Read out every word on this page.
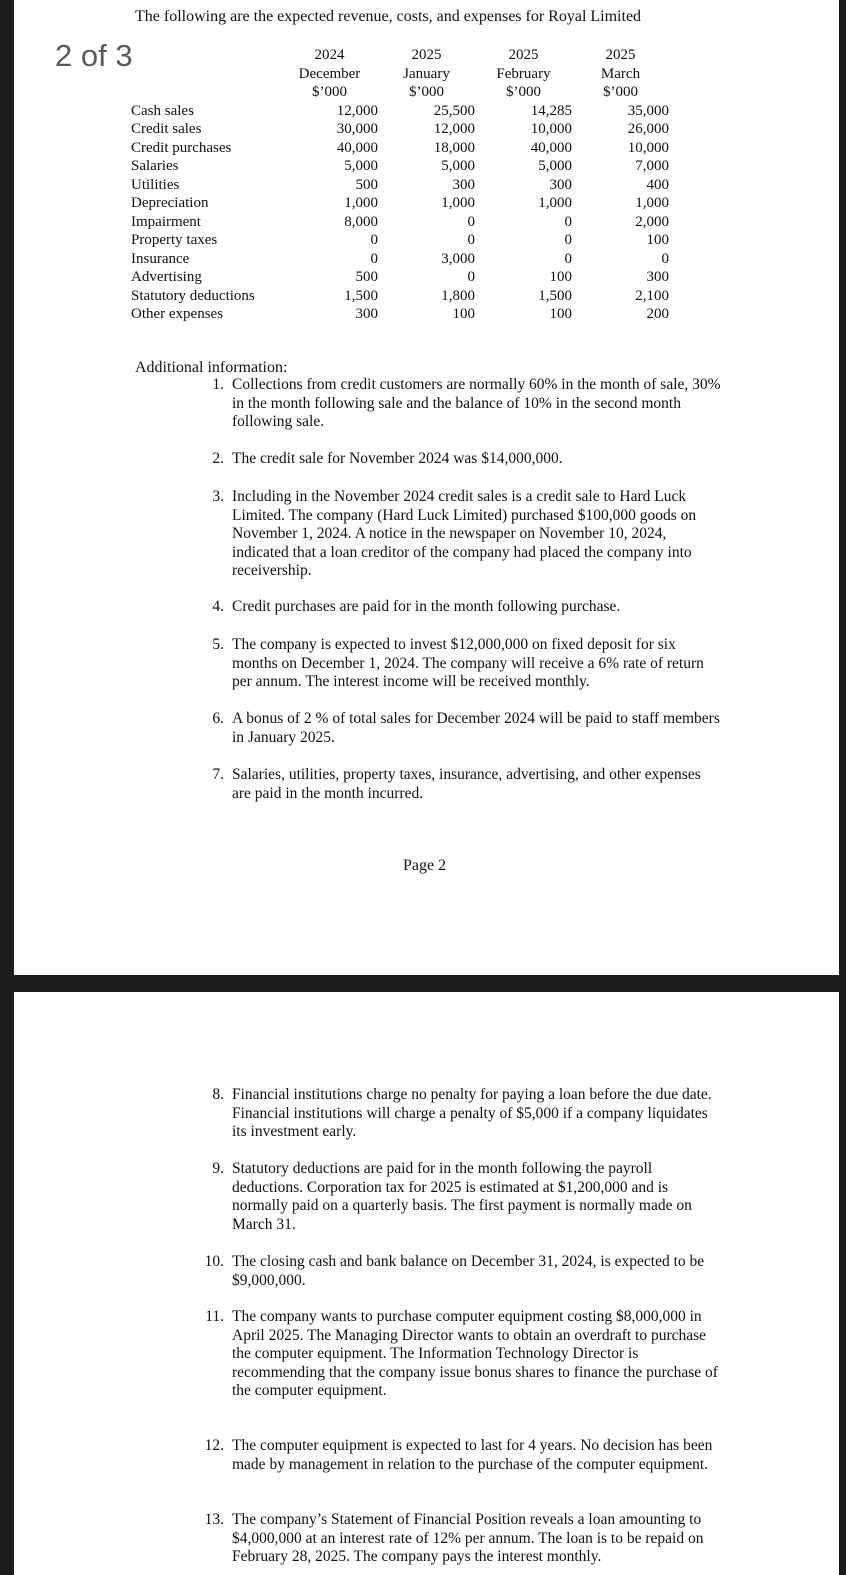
The following are the expected revenue, costs, and expenses for Royal Limited
	2024	2025	2025	2025
	December	January	February	March
	$’000	$’000	$’000	$’000
Cash sales	12,000	25,500	14,285	35,000
Credit sales	30,000	12,000	10,000	26,000
Credit purchases	40,000	18,000	40,000	10,000
Salaries	5,000	5,000	5,000	7,000
Utilities	500	300	300	400
Depreciation	1,000	1,000	1,000	1,000
Impairment	8,000	0	0	2,000
Property taxes	0	0	0	100
Insurance	0	3,000	0	0
Advertising	500	0	100	300
Statutory deductions	1,500	1,800	1,500	2,100
Other expenses	300	100	100	200
Additional information:
1. Collections from credit customers are normally 60% in the month of sale, 30% in the month following sale and the balance of 10% in the second month following sale.
2. The credit sale for November 2024 was $14,000,000.
3. Including in the November 2024 credit sales is a credit sale to Hard Luck Limited. The company (Hard Luck Limited) purchased $100,000 goods on November 1, 2024. A notice in the newspaper on November 10, 2024, indicated that a loan creditor of the company had placed the company into receivership.
4. Credit purchases are paid for in the month following purchase.
5. The company is expected to invest $12,000,000 on fixed deposit for six months on December 1, 2024. The company will receive a 6% rate of return per annum. The interest income will be received monthly.
6. A bonus of 2 % of total sales for December 2024 will be paid to staff members in January 2025.
7. Salaries, utilities, property taxes, insurance, advertising, and other expenses are paid in the month incurred.
Page 2
8. Financial institutions charge no penalty for paying a loan before the due date. Financial institutions will charge a penalty of $5,000 if a company liquidates its investment early.
9. Statutory deductions are paid for in the month following the payroll deductions. Corporation tax for 2025 is estimated at $1,200,000 and is normally paid on a quarterly basis. The first payment is normally made on March 31.
10. The closing cash and bank balance on December 31, 2024, is expected to be $9,000,000.
11. The company wants to purchase computer equipment costing $8,000,000 in April 2025. The Managing Director wants to obtain an overdraft to purchase the computer equipment. The Information Technology Director is recommending that the company issue bonus shares to finance the purchase of the computer equipment.
12. The computer equipment is expected to last for 4 years. No decision has been made by management in relation to the purchase of the computer equipment.
13. The company’s Statement of Financial Position reveals a loan amounting to $4,000,000 at an interest rate of 12% per annum. The loan is to be repaid on February 28, 2025. The company pays the interest monthly.
2 of 3
